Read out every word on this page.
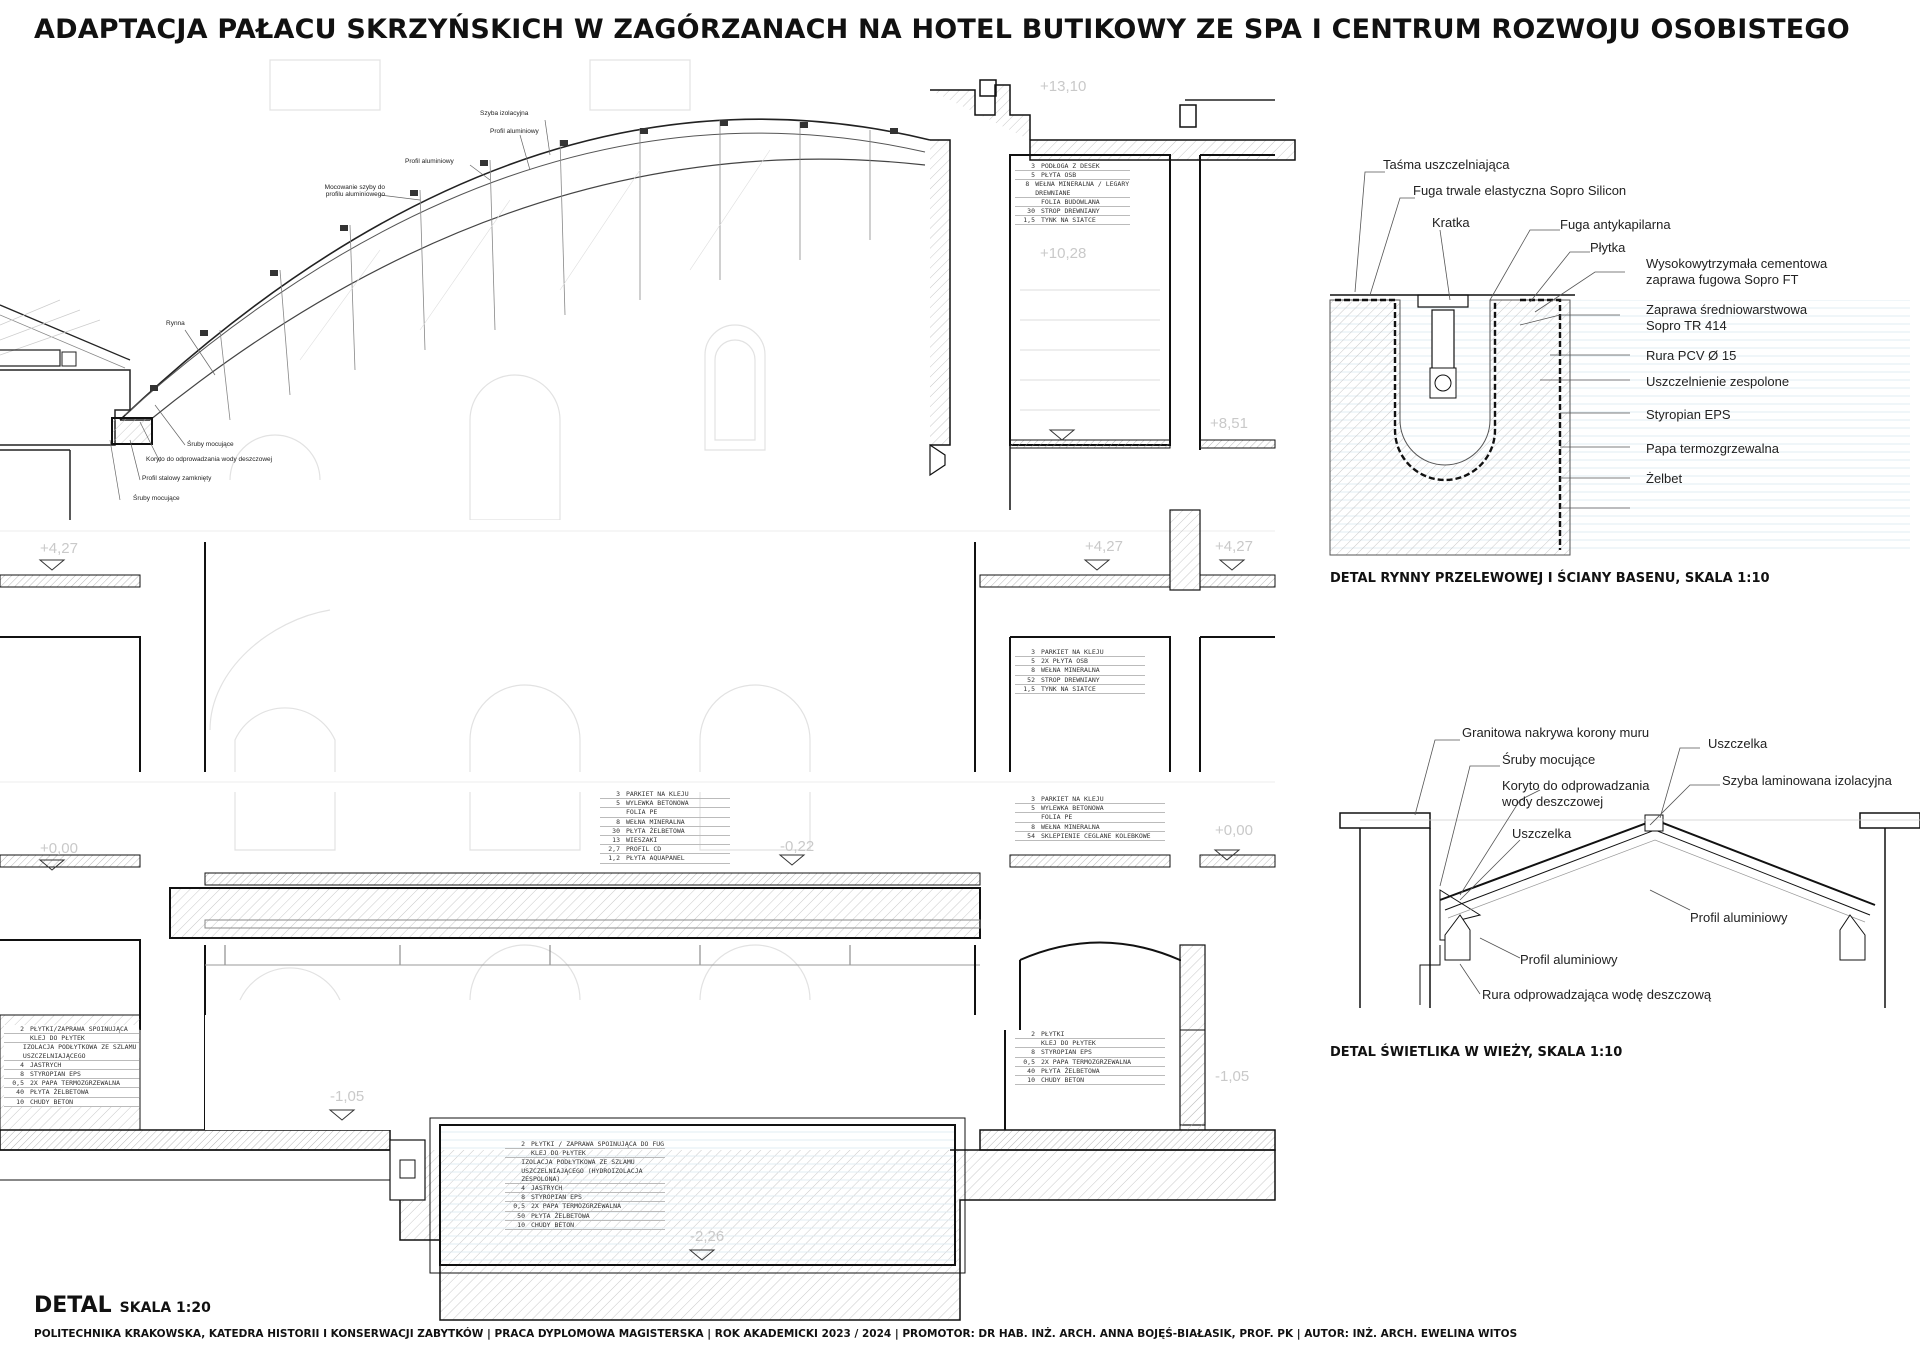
ADAPTACJA PAŁACU SKRZYŃSKICH W ZAGÓRZANACH NA HOTEL BUTIKOWY ZE SPA I CENTRUM ROZWOJU OSOBISTEGO
Szyba izolacyjna
Profil aluminiowy
Profil aluminiowy
Mocowanie szyby do profilu aluminiowego
Rynna
Śruby mocujące
Koryto do odprowadzania wody deszczowej
Profil stalowy zamknięty
Śruby mocujące
+13,10
+10,28
+8,51
+4,27	+4,27	+4,27
+0,00
+0,00
-0,22
-1,05
-1,05
-2,26
3 PODŁOGA Z DESEK
5 PŁYTA OSB
8 WEŁNA MINERALNA / LEGARY DREWNIANE
FOLIA BUDOWLANA
30 STROP DREWNIANY
1,5 TYNK NA SIATCE
3 PARKIET NA KLEJU
5 2X PŁYTA OSB
8 WEŁNA MINERALNA
52 STROP DREWNIANY
1,5 TYNK NA SIATCE
3 PARKIET NA KLEJU
5 WYLEWKA BETONOWA
FOLIA PE
8 WEŁNA MINERALNA
30 PŁYTA ŻELBETOWA
13 WIESZAKI
2,7 PROFIL CD
1,2 PŁYTA AQUAPANEL
3 PARKIET NA KLEJU
5 WYLEWKA BETONOWA
FOLIA PE
8 WEŁNA MINERALNA
54 SKLEPIENIE CEGLANE KOLEBKOWE
2 PŁYTKI/ZAPRAWA SPOINUJĄCA
KLEJ DO PŁYTEK
IZOLACJA PODŁYTKOWA ZE SZLAMU USZCZELNIAJĄCEGO
4 JASTRYCH
8 STYROPIAN EPS
0,5 2X PAPA TERMOZGRZEWALNA
40 PŁYTA ŻELBETOWA
10 CHUDY BETON
2 PŁYTKI / ZAPRAWA SPOINUJĄCA DO FUG
KLEJ DO PŁYTEK
IZOLACJA PODŁYTKOWA ZE SZLAMU USZCZELNIAJĄCEGO (HYDROIZOLACJA ZESPOLONA)
4 JASTRYCH
8 STYROPIAN EPS
0,5 2X PAPA TERMOZGRZEWALNA
50 PŁYTA ŻELBETOWA
10 CHUDY BETON
2 PŁYTKI
KLEJ DO PŁYTEK
8 STYROPIAN EPS
0,5 2X PAPA TERMOZGRZEWALNA
40 PŁYTA ŻELBETOWA
10 CHUDY BETON
Taśma uszczelniająca
Fuga trwale elastyczna Sopro Silicon
Kratka	Fuga antykapilarna
Płytka
Wysokowytrzymała cementowa
zaprawa fugowa Sopro FT
Zaprawa średniowarstwowa
Sopro TR 414
Rura PCV Ø 15
Uszczelnienie zespolone
Styropian EPS
Papa termozgrzewalna
Żelbet
DETAL RYNNY PRZELEWOWEJ I ŚCIANY BASENU, SKALA 1:10
Granitowa nakrywa korony muru
Śruby mocujące
Uszczelka
Koryto do odprowadzania
wody deszczowej
Szyba laminowana izolacyjna
Uszczelka
Profil aluminiowy
Profil aluminiowy
Rura odprowadzająca wodę deszczową
DETAL ŚWIETLIKA W WIEŻY, SKALA 1:10
DETAL SKALA 1:20
POLITECHNIKA KRAKOWSKA, KATEDRA HISTORII I KONSERWACJI ZABYTKÓW | PRACA DYPLOMOWA MAGISTERSKA | ROK AKADEMICKI 2023 / 2024 | PROMOTOR: DR HAB. INŻ. ARCH. ANNA BOJĘŚ-BIAŁASIK, PROF. PK | AUTOR: INŻ. ARCH. EWELINA WITOS
